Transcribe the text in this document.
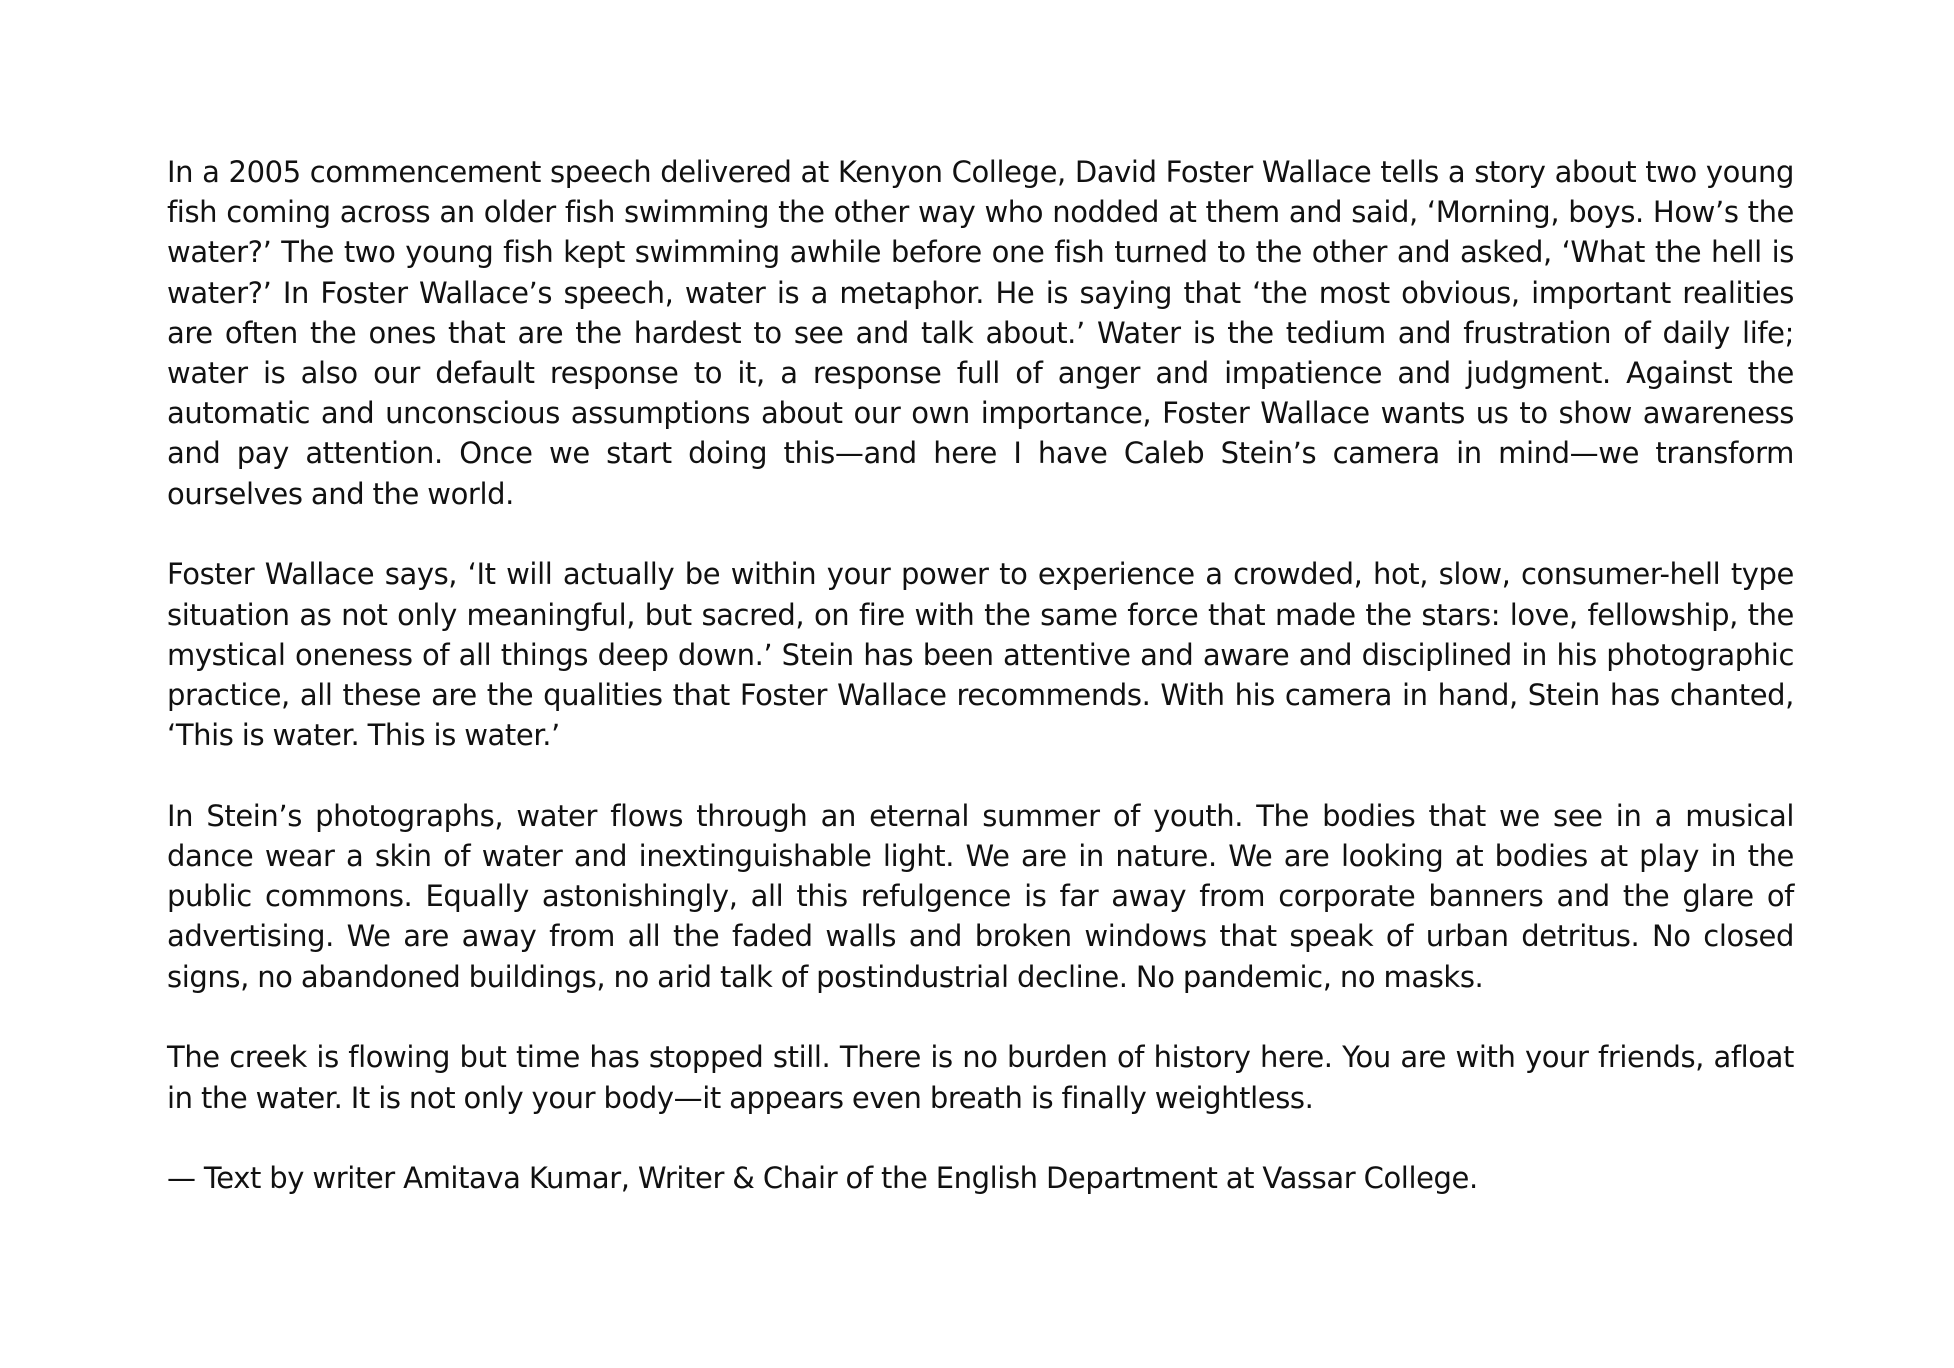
In a 2005 commencement speech delivered at Kenyon College, David Foster Wallace tells a story about two young fish coming across an older fish swimming the other way who nodded at them and said, ‘Morning, boys. How’s the water?’ The two young fish kept swimming awhile before one fish turned to the other and asked, ‘What the hell is water?’ In Foster Wallace’s speech, water is a metaphor. He is saying that ‘the most obvious, important realities are often the ones that are the hardest to see and talk about.’ Water is the tedium and frustration of daily life; water is also our default response to it, a response full of anger and impatience and judgment. Against the automatic and unconscious assumptions about our own importance, Foster Wallace wants us to show awareness and pay attention. Once we start doing this—and here I have Caleb Stein’s camera in mind—we transform ourselves and the world.

Foster Wallace says, ‘It will actually be within your power to experience a crowded, hot, slow, consumer-hell type situation as not only meaningful, but sacred, on fire with the same force that made the stars: love, fellowship, the mystical oneness of all things deep down.’ Stein has been attentive and aware and disciplined in his photographic practice, all these are the qualities that Foster Wallace recommends. With his camera in hand, Stein has chanted, ‘This is water. This is water.’

In Stein’s photographs, water flows through an eternal summer of youth. The bodies that we see in a musical dance wear a skin of water and inextinguishable light. We are in nature. We are looking at bodies at play in the public commons. Equally astonishingly, all this refulgence is far away from corporate banners and the glare of advertising. We are away from all the faded walls and broken windows that speak of urban detritus. No closed signs, no abandoned buildings, no arid talk of postindustrial decline. No pandemic, no masks.

The creek is flowing but time has stopped still. There is no burden of history here. You are with your friends, afloat in the water. It is not only your body—it appears even breath is finally weightless.

— Text by writer Amitava Kumar, Writer & Chair of the English Department at Vassar College.
